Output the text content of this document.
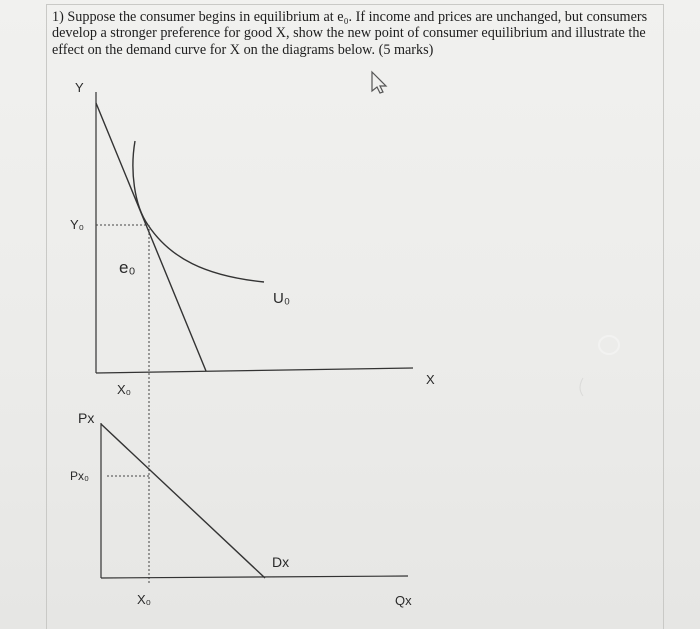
1) Suppose the consumer begins in equilibrium at e₀. If income and prices are unchanged, but consumers develop a stronger preference for good X, show the new point of consumer equilibrium and illustrate the effect on the demand curve for X on the diagrams below. (5 marks)

Y
X
Y₀
X₀
e₀
U₀
Px
Qx
Px₀
X₀
Dx
